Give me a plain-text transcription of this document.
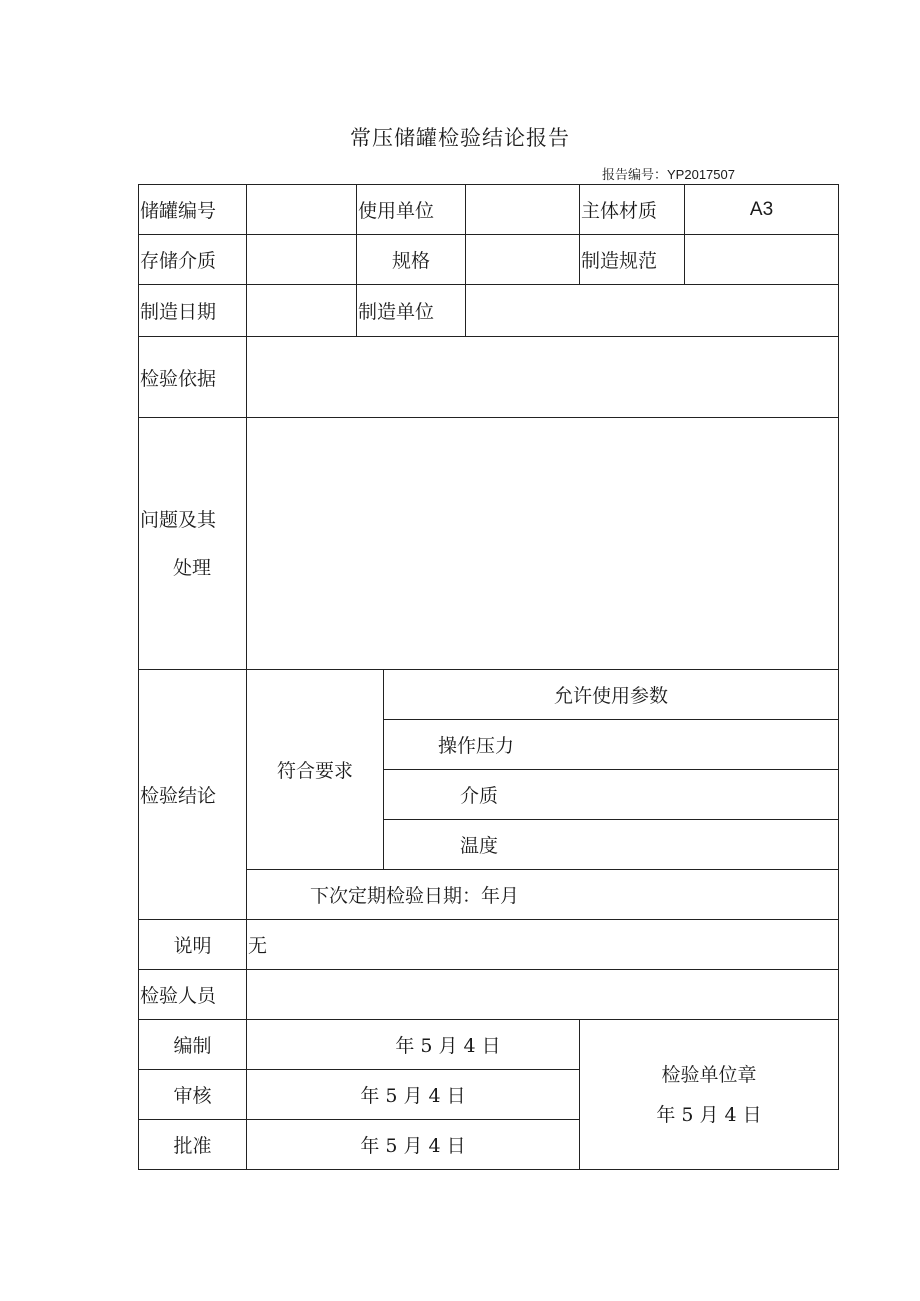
常压储罐检验结论报告
报告编号：YP2017507
储罐编号		使用单位			主体材质	A3
存储介质		规格			制造规范	
制造日期		制造单位				
检验依据						

问题及其
处理						

检验结论	符合要求		允许使用参数			
			操作压力			
			介质			
			温度			
	下次定期检验日期：年月					
说明	无					
检验人员						
编制	年 5 月 4 日				检验单位章
年 5 月 4 日	

审核	年 5 月 4 日					
批准	年 5 月 4 日					
